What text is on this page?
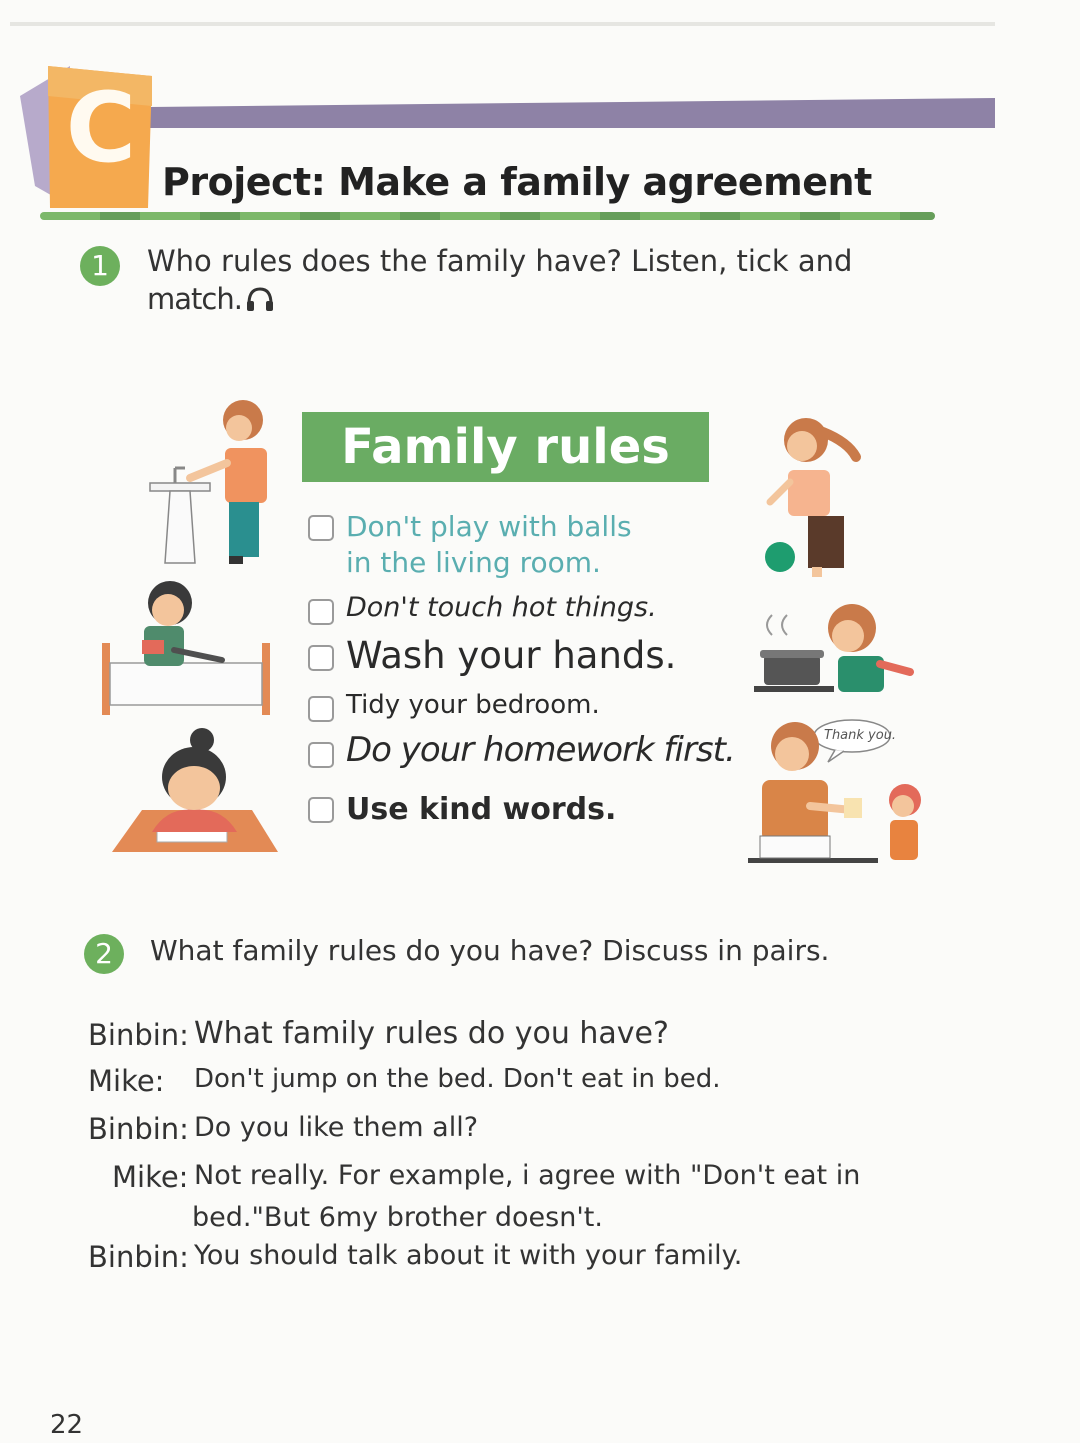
C Project: Make a family agreement
1	Who rules does the family have? Listen, tick and
match.
Family rules
Don't play with balls
in the living room.
Don't touch hot things.
Wash your hands.
Tidy your bedroom.
Do your homework first.
Use kind words.
Thank you.
2	What family rules do you have? Discuss in pairs.
Binbin: What family rules do you have?
Mike: Don't jump on the bed. Don't eat in bed.
Binbin: Do you like them all?
Mike: Not really. For example, i agree with "Don't eat in
bed."But 6my brother doesn't.
Binbin: You should talk about it with your family.
22
